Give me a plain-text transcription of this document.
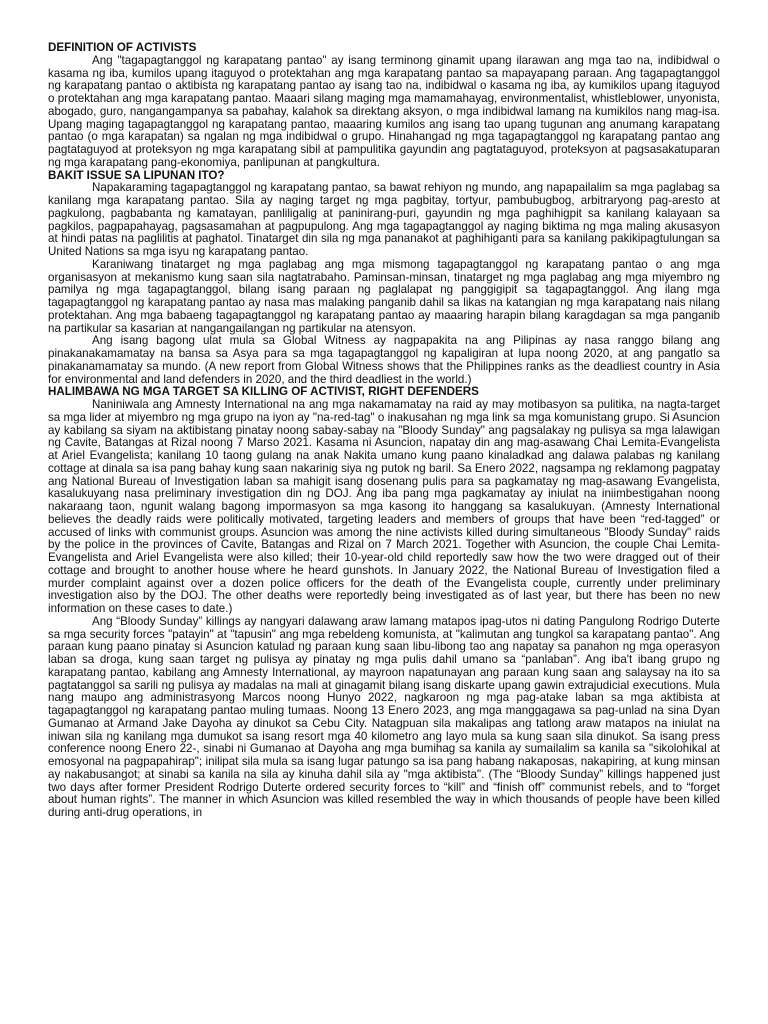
DEFINITION OF ACTIVISTS

Ang "tagapagtanggol ng karapatang pantao" ay isang terminong ginamit upang ilarawan ang mga tao na, indibidwal o kasama ng iba, kumilos upang itaguyod o protektahan ang mga karapatang pantao sa mapayapang paraan. Ang tagapagtanggol ng karapatang pantao o aktibista ng karapatang pantao ay isang tao na, indibidwal o kasama ng iba, ay kumikilos upang itaguyod o protektahan ang mga karapatang pantao. Maaari silang maging mga mamamahayag, environmentalist, whistleblower, unyonista, abogado, guro, nangangampanya sa pabahay, kalahok sa direktang aksyon, o mga indibidwal lamang na kumikilos nang mag-isa. Upang maging tagapagtanggol ng karapatang pantao, maaaring kumilos ang isang tao upang tugunan ang anumang karapatang pantao (o mga karapatan) sa ngalan ng mga indibidwal o grupo. Hinahangad ng mga tagapagtanggol ng karapatang pantao ang pagtataguyod at proteksyon ng mga karapatang sibil at pampulitika gayundin ang pagtataguyod, proteksyon at pagsasakatuparan ng mga karapatang pang-ekonomiya, panlipunan at pangkultura.

BAKIT ISSUE SA LIPUNAN ITO?

Napakaraming tagapagtanggol ng karapatang pantao, sa bawat rehiyon ng mundo, ang napapailalim sa mga paglabag sa kanilang mga karapatang pantao. Sila ay naging target ng mga pagbitay, tortyur, pambubugbog, arbitraryong pag-aresto at pagkulong, pagbabanta ng kamatayan, panliligalig at paninirang-puri, gayundin ng mga paghihigpit sa kanilang kalayaan sa pagkilos, pagpapahayag, pagsasamahan at pagpupulong. Ang mga tagapagtanggol ay naging biktima ng mga maling akusasyon at hindi patas na paglilitis at paghatol. Tinatarget din sila ng mga pananakot at paghihiganti para sa kanilang pakikipagtulungan sa United Nations sa mga isyu ng karapatang pantao.

Karaniwang tinatarget ng mga paglabag ang mga mismong tagapagtanggol ng karapatang pantao o ang mga organisasyon at mekanismo kung saan sila nagtatrabaho. Paminsan-minsan, tinatarget ng mga paglabag ang mga miyembro ng pamilya ng mga tagapagtanggol, bilang isang paraan ng paglalapat ng panggigipit sa tagapagtanggol. Ang ilang mga tagapagtanggol ng karapatang pantao ay nasa mas malaking panganib dahil sa likas na katangian ng mga karapatang nais nilang protektahan. Ang mga babaeng tagapagtanggol ng karapatang pantao ay maaaring harapin bilang karagdagan sa mga panganib na partikular sa kasarian at nangangailangan ng partikular na atensyon.

Ang isang bagong ulat mula sa Global Witness ay nagpapakita na ang Pilipinas ay nasa ranggo bilang ang pinakanakamamatay na bansa sa Asya para sa mga tagapagtanggol ng kapaligiran at lupa noong 2020, at ang pangatlo sa pinakanamamatay sa mundo. (A new report from Global Witness shows that the Philippines ranks as the deadliest country in Asia for environmental and land defenders in 2020, and the third deadliest in the world.)

HALIMBAWA NG MGA TARGET SA KILLING OF ACTIVIST, RIGHT DEFENDERS

Naniniwala ang Amnesty International na ang mga nakamamatay na raid ay may motibasyon sa pulitika, na nagta-target sa mga lider at miyembro ng mga grupo na iyon ay "na-red-tag" o inakusahan ng mga link sa mga komunistang grupo. Si Asuncion ay kabilang sa siyam na aktibistang pinatay noong sabay-sabay na "Bloody Sunday" ang pagsalakay ng pulisya sa mga lalawigan ng Cavite, Batangas at Rizal noong 7 Marso 2021. Kasama ni Asuncion, napatay din ang mag-asawang Chai Lemita-Evangelista at Ariel Evangelista; kanilang 10 taong gulang na anak Nakita umano kung paano kinaladkad ang dalawa palabas ng kanilang cottage at dinala sa isa pang bahay kung saan nakarinig siya ng putok ng baril. Sa Enero 2022, nagsampa ng reklamong pagpatay ang National Bureau of Investigation laban sa mahigit isang dosenang pulis para sa pagkamatay ng mag-asawang Evangelista, kasalukuyang nasa preliminary investigation din ng DOJ. Ang iba pang mga pagkamatay ay iniulat na iniimbestigahan noong nakaraang taon, ngunit walang bagong impormasyon sa mga kasong ito hanggang sa kasalukuyan. (Amnesty International believes the deadly raids were politically motivated, targeting leaders and members of groups that have been “red-tagged” or accused of links with communist groups. Asuncion was among the nine activists killed during simultaneous "Bloody Sunday" raids by the police in the provinces of Cavite, Batangas and Rizal on 7 March 2021. Together with Asuncion, the couple Chai Lemita-Evangelista and Ariel Evangelista were also killed; their 10-year-old child reportedly saw how the two were dragged out of their cottage and brought to another house where he heard gunshots. In January 2022, the National Bureau of Investigation filed a murder complaint against over a dozen police officers for the death of the Evangelista couple, currently under preliminary investigation also by the DOJ. The other deaths were reportedly being investigated as of last year, but there has been no new information on these cases to date.)

Ang “Bloody Sunday” killings ay nangyari dalawang araw lamang matapos ipag-utos ni dating Pangulong Rodrigo Duterte sa mga security forces "patayin" at "tapusin" ang mga rebeldeng komunista, at "kalimutan ang tungkol sa karapatang pantao". Ang paraan kung paano pinatay si Asuncion katulad ng paraan kung saan libu-libong tao ang napatay sa panahon ng mga operasyon laban sa droga, kung saan target ng pulisya ay pinatay ng mga pulis dahil umano sa “panlaban”. Ang iba't ibang grupo ng karapatang pantao, kabilang ang Amnesty International, ay mayroon napatunayan ang paraan kung saan ang salaysay na ito sa pagtatanggol sa sarili ng pulisya ay madalas na mali at ginagamit bilang isang diskarte upang gawin extrajudicial executions. Mula nang maupo ang administrasyong Marcos noong Hunyo 2022, nagkaroon ng mga pag-atake laban sa mga aktibista at tagapagtanggol ng karapatang pantao muling tumaas. Noong 13 Enero 2023, ang mga manggagawa sa pag-unlad na sina Dyan Gumanao at Armand Jake Dayoha ay dinukot sa Cebu City. Natagpuan sila makalipas ang tatlong araw matapos na iniulat na iniwan sila ng kanilang mga dumukot sa isang resort mga 40 kilometro ang layo mula sa kung saan sila dinukot. Sa isang press conference noong Enero 22-, sinabi ni Gumanao at Dayoha ang mga bumihag sa kanila ay sumailalim sa kanila sa "sikolohikal at emosyonal na pagpapahirap"; inilipat sila mula sa isang lugar patungo sa isa pang habang nakaposas, nakapiring, at kung minsan ay nakabusangot; at sinabi sa kanila na sila ay kinuha dahil sila ay "mga aktibista". (The “Bloody Sunday” killings happened just two days after former President Rodrigo Duterte ordered security forces to “kill” and “finish off” communist rebels, and to “forget about human rights”. The manner in which Asuncion was killed resembled the way in which thousands of people have been killed during anti-drug operations, in
